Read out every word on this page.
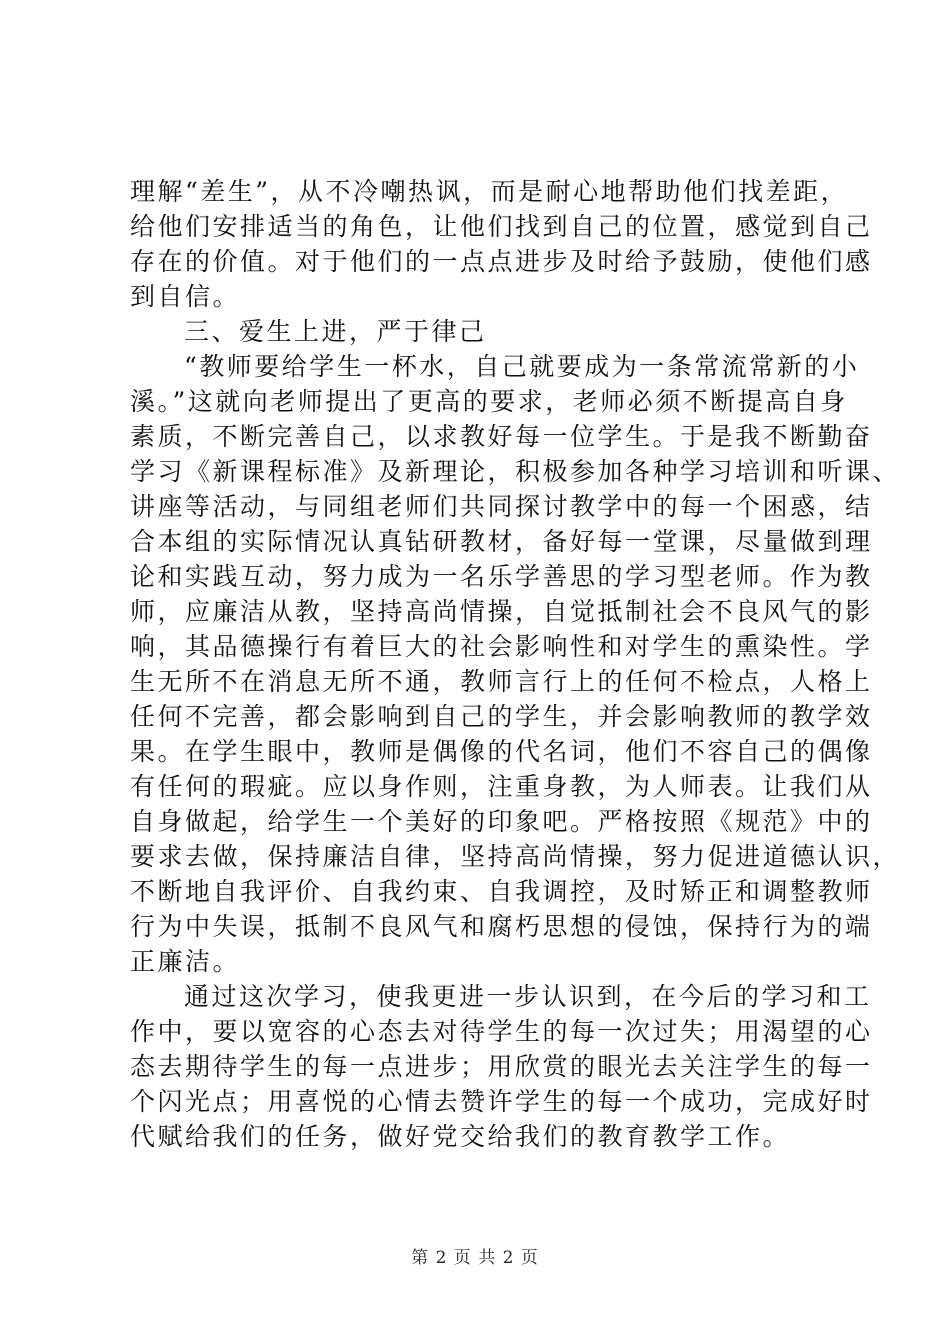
理解“差生”，从不冷嘲热讽，而是耐心地帮助他们找差距，
给他们安排适当的角色，让他们找到自己的位置，感觉到自己
存在的价值。对于他们的一点点进步及时给予鼓励，使他们感
到自信。
三、爱生上进，严于律己
“教师要给学生一杯水，自己就要成为一条常流常新的小
溪。”这就向老师提出了更高的要求，老师必须不断提高自身
素质，不断完善自己，以求教好每一位学生。于是我不断勤奋
学习《新课程标准》及新理论，积极参加各种学习培训和听课、
讲座等活动，与同组老师们共同探讨教学中的每一个困惑，结
合本组的实际情况认真钻研教材，备好每一堂课，尽量做到理
论和实践互动，努力成为一名乐学善思的学习型老师。作为教
师，应廉洁从教，坚持高尚情操，自觉抵制社会不良风气的影
响，其品德操行有着巨大的社会影响性和对学生的熏染性。学
生无所不在消息无所不通，教师言行上的任何不检点，人格上
任何不完善，都会影响到自己的学生，并会影响教师的教学效
果。在学生眼中，教师是偶像的代名词，他们不容自己的偶像
有任何的瑕疵。应以身作则，注重身教，为人师表。让我们从
自身做起，给学生一个美好的印象吧。严格按照《规范》中的
要求去做，保持廉洁自律，坚持高尚情操，努力促进道德认识，
不断地自我评价、自我约束、自我调控，及时矫正和调整教师
行为中失误，抵制不良风气和腐朽思想的侵蚀，保持行为的端
正廉洁。
通过这次学习，使我更进一步认识到，在今后的学习和工
作中，要以宽容的心态去对待学生的每一次过失；用渴望的心
态去期待学生的每一点进步；用欣赏的眼光去关注学生的每一
个闪光点；用喜悦的心情去赞许学生的每一个成功，完成好时
代赋给我们的任务，做好党交给我们的教育教学工作。
第 2 页 共 2 页
